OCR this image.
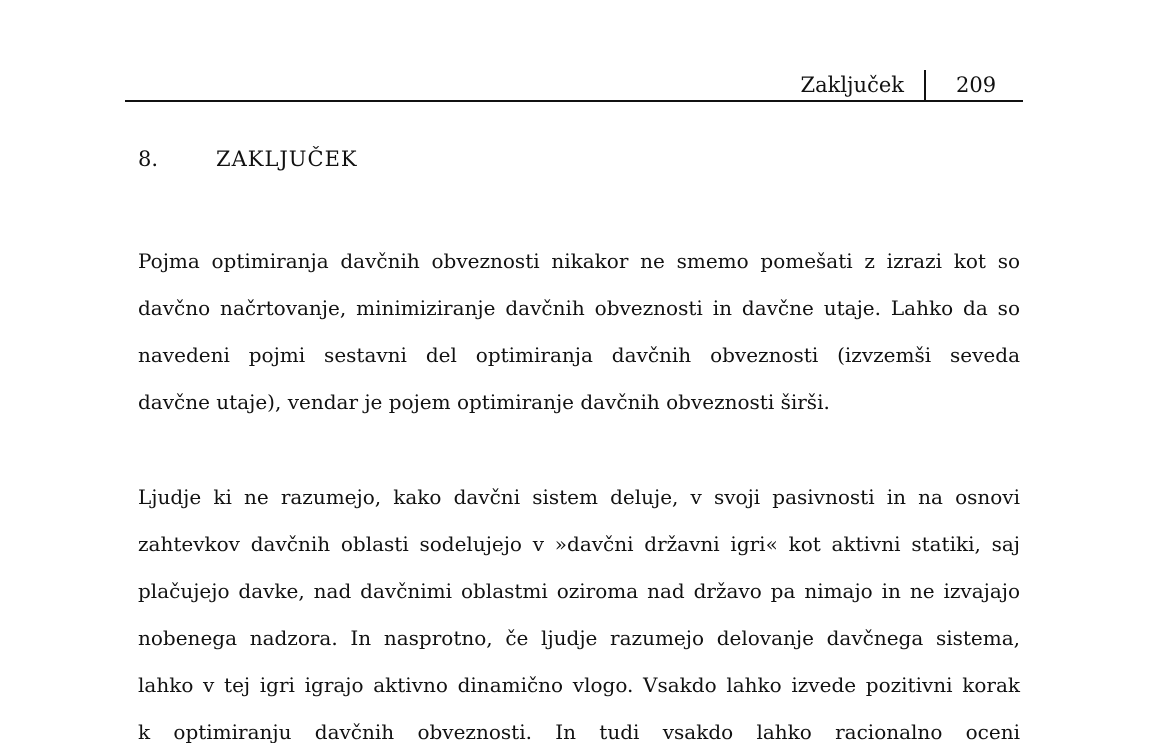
Zaključek	209
8.	ZAKLJUČEK
Pojma optimiranja davčnih obveznosti nikakor ne smemo pomešati z izrazi kot so
davčno načrtovanje, minimiziranje davčnih obveznosti in davčne utaje. Lahko da so
navedeni pojmi sestavni del optimiranja davčnih obveznosti (izvzemši seveda
davčne utaje), vendar je pojem optimiranje davčnih obveznosti širši.
Ljudje ki ne razumejo, kako davčni sistem deluje, v svoji pasivnosti in na osnovi
zahtevkov davčnih oblasti sodelujejo v »davčni državni igri« kot aktivni statiki, saj
plačujejo davke, nad davčnimi oblastmi oziroma nad državo pa nimajo in ne izvajajo
nobenega nadzora. In nasprotno, če ljudje razumejo delovanje davčnega sistema,
lahko v tej igri igrajo aktivno dinamično vlogo. Vsakdo lahko izvede pozitivni korak
k optimiranju davčnih obveznosti. In tudi vsakdo lahko racionalno oceni
